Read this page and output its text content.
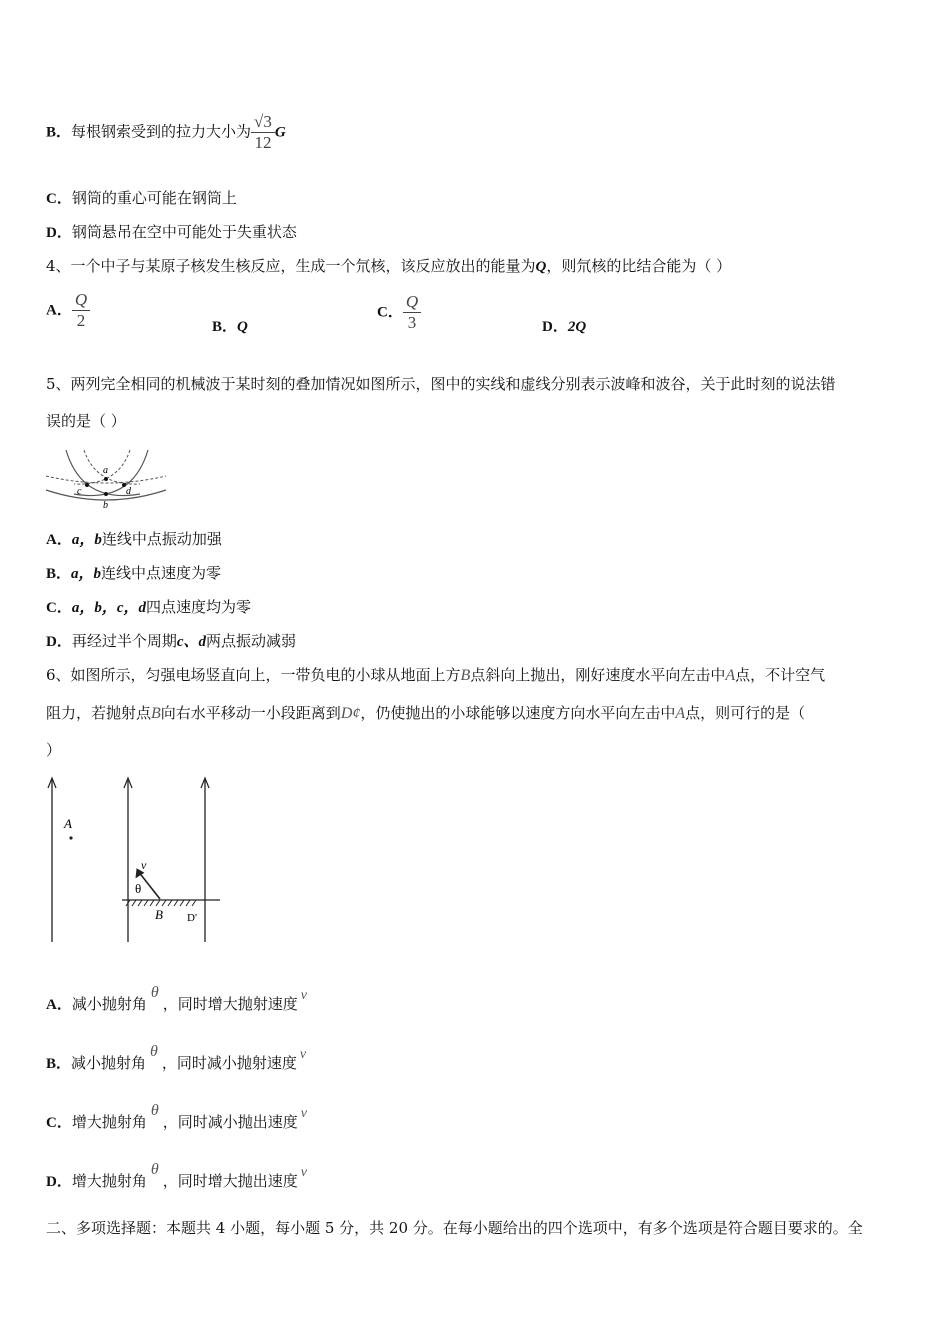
B．每根钢索受到的拉力大小为 $\frac{√3}{12}$ G
C．钢筒的重心可能在钢筒上
D．钢筒悬吊在空中可能处于失重状态
4、一个中子与某原子核发生核反应，生成一个氘核，该反应放出的能量为Q，则氘核的比结合能为（ ）
A． $\frac{Q}{2}$	B．Q
C． $\frac{Q}{3}$	D．2Q
5、两列完全相同的机械波于某时刻的叠加情况如图所示，图中的实线和虚线分别表示波峰和波谷，关于此时刻的说法错
误的是（ ）
a
b
c	d
A．a，b连线中点振动加强
B．a，b连线中点速度为零
C．a，b，c，d四点速度均为零
D．再经过半个周期c、d两点振动减弱
6、如图所示，匀强电场竖直向上，一带负电的小球从地面上方B点斜向上抛出，刚好速度水平向左击中A点，不计空气
阻力，若抛射点B向右水平移动一小段距离到D¢，仍使抛出的小球能够以速度方向水平向左击中A点，则可行的是（
）
A
v
θ
B D'
A．减小抛射角θ，同时增大抛射速度 v
B．减小抛射角θ，同时减小抛射速度 v
C．增大抛射角θ，同时减小抛出速度 v
D．增大抛射角θ，同时增大抛出速度 v
二、多项选择题：本题共 4 小题，每小题 5 分，共 20 分。在每小题给出的四个选项中，有多个选项是符合题目要求的。全
